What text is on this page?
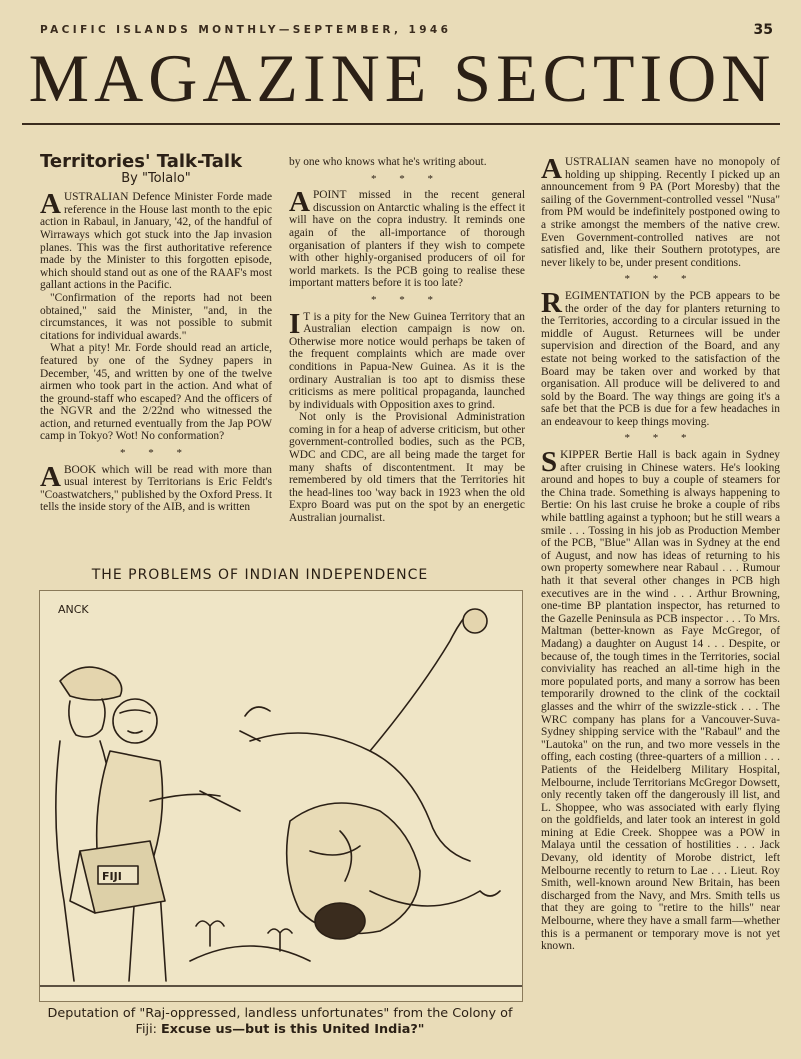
PACIFIC ISLANDS MONTHLY—SEPTEMBER, 1946	35
MAGAZINE SECTION
Territories' Talk-Talk
By "Tolalo"

AUSTRALIAN Defence Minister Forde made reference in the House last month to the epic action in Rabaul, in January, '42, of the handful of Wirraways which got stuck into the Jap invasion planes. This was the first authoritative reference made by the Minister to this forgotten episode, which should stand out as one of the RAAF's most gallant actions in the Pacific.

"Confirmation of the reports had not been obtained," said the Minister, "and, in the circumstances, it was not possible to submit citations for individual awards."

What a pity! Mr. Forde should read an article, featured by one of the Sydney papers in December, '45, and written by one of the twelve airmen who took part in the action. And what of the ground-staff who escaped? And the officers of the NGVR and the 2/22nd who witnessed the action, and returned eventually from the Jap POW camp in Tokyo? Wot! No conformation?

* * *

ABOOK which will be read with more than usual interest by Territorians is Eric Feldt's "Coastwatchers," published by the Oxford Press. It tells the inside story of the AIB, and is written

by one who knows what he's writing about.

* * *

APOINT missed in the recent general discussion on Antarctic whaling is the effect it will have on the copra industry. It reminds one again of the all-importance of thorough organisation of planters if they wish to compete with other highly-organised producers of oil for world markets. Is the PCB going to realise these important matters before it is too late?

* * *

I T is a pity for the New Guinea Territory that an Australian election campaign is now on. Otherwise more notice would perhaps be taken of the frequent complaints which are made over conditions in Papua-New Guinea. As it is the ordinary Australian is too apt to dismiss these criticisms as mere political propaganda, launched by individuals with Opposition axes to grind.

Not only is the Provisional Administration coming in for a heap of adverse criticism, but other government-controlled bodies, such as the PCB, WDC and CDC, are all being made the target for many shafts of discontentment. It may be remembered by old timers that the Territories hit the head-lines too 'way back in 1923 when the old Expro Board was put on the spot by an energetic Australian journalist.

AUSTRALIAN seamen have no monopoly of holding up shipping. Recently I picked up an announcement from 9 PA (Port Moresby) that the sailing of the Government-controlled vessel "Nusa" from PM would be indefinitely postponed owing to a strike amongst the members of the native crew. Even Government-controlled natives are not satisfied and, like their Southern prototypes, are never likely to be, under present conditions.

* * *

REGIMENTATION by the PCB appears to be the order of the day for planters returning to the Territories, according to a circular issued in the middle of August. Returnees will be under supervision and direction of the Board, and any estate not being worked to the satisfaction of the Board may be taken over and worked by that organisation. All produce will be delivered to and sold by the Board. The way things are going it's a safe bet that the PCB is due for a few headaches in an endeavour to keep things moving.

* * *

SKIPPER Bertie Hall is back again in Sydney after cruising in Chinese waters. He's looking around and hopes to buy a couple of steamers for the China trade. Something is always happening to Bertie: On his last cruise he broke a couple of ribs while battling against a typhoon; but he still wears a smile . . . Tossing in his job as Production Member of the PCB, "Blue" Allan was in Sydney at the end of August, and now has ideas of returning to his own property somewhere near Rabaul . . . Rumour hath it that several other changes in PCB high executives are in the wind . . . Arthur Browning, one-time BP plantation inspector, has returned to the Gazelle Peninsula as PCB inspector . . . To Mrs. Maltman (better-known as Faye McGregor, of Madang) a daughter on August 14 . . . Despite, or because of, the tough times in the Territories, social conviviality has reached an all-time high in the more populated ports, and many a sorrow has been temporarily drowned to the clink of the cocktail glasses and the whirr of the swizzle-stick . . . The WRC company has plans for a Vancouver-Suva-Sydney shipping service with the "Rabaul" and the "Lautoka" on the run, and two more vessels in the offing, each costing (three-quarters of a million . . . Patients of the Heidelberg Military Hospital, Melbourne, include Territorians McGregor Dowsett, only recently taken off the dangerously ill list, and L. Shoppee, who was associated with early flying on the goldfields, and later took an interest in gold mining at Edie Creek. Shoppee was a POW in Malaya until the cessation of hostilities . . . Jack Devany, old identity of Morobe district, left Melbourne recently to return to Lae . . . Lieut. Roy Smith, well-known around New Britain, has been discharged from the Navy, and Mrs. Smith tells us that they are going to "retire to the hills" near Melbourne, where they have a small farm—whether this is a permanent or temporary move is not yet known.

THE PROBLEMS OF INDIAN INDEPENDENCE
ANCK
FIJI
Deputation of "Raj-oppressed, landless unfortunates" from the Colony of Fiji: Excuse us—but is this United India?"
